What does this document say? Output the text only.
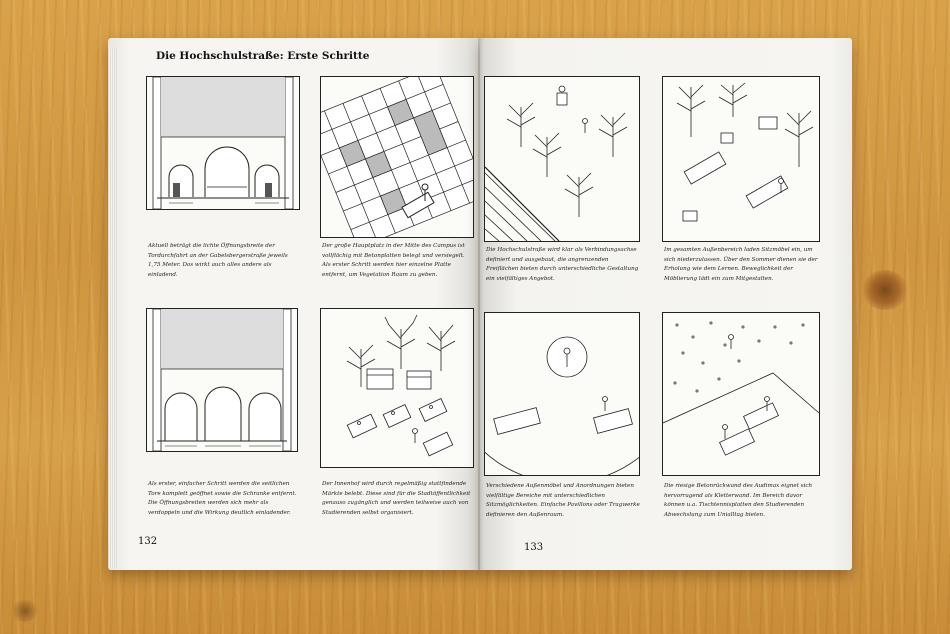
Die Hochschulstraße: Erste Schritte
Aktuell beträgt die lichte Öffnungsbreite der Tordurchfahrt an der Gabelsbergerstraße jeweils 1,75 Meter. Das wirkt auch alles andere als einladend.
Der große Hauptplatz in der Mitte des Campus ist vollflächig mit Betonplatten belegt und versiegelt. Als erster Schritt werden hier einzelne Platte entfernt, um Vegetation Raum zu geben.
Als erster, einfacher Schritt werden die seitlichen Tore komplett geöffnet sowie die Schranke entfernt. Die Öffnungsbreiten werden sich mehr als verdoppeln und die Wirkung deutlich einladender.
Der Innenhof wird durch regelmäßig stattfindende Märkte belebt. Diese sind für die Stadtöffentlichkeit genauso zugänglich und werden teilweise auch von Studierenden selbst organisiert.
132
Die Hochschulstraße wird klar als Verbindungsachse definiert und ausgebaut, die angrenzenden Freiflächen bieten durch unterschiedliche Gestaltung ein vielfältiges Angebot.
Im gesamten Außenbereich laden Sitzmöbel ein, um sich niederzulassen. Über den Sommer dienen sie der Erholung wie dem Lernen. Beweglichkeit der Möblierung lädt ein zum Mitgestalten.
Verschiedene Außenmöbel und Anordnungen bieten vielfältige Bereiche mit unterschiedlichen Sitzmöglichkeiten. Einfache Pavillons oder Tragwerke definieren den Außenraum.
Die riesige Betonrückwand des Audimax eignet sich hervorragend als Kletterwand. Im Bereich davor können u.a. Tischtennisplatten den Studierenden Abwechslung zum Unialltag bieten.
133
